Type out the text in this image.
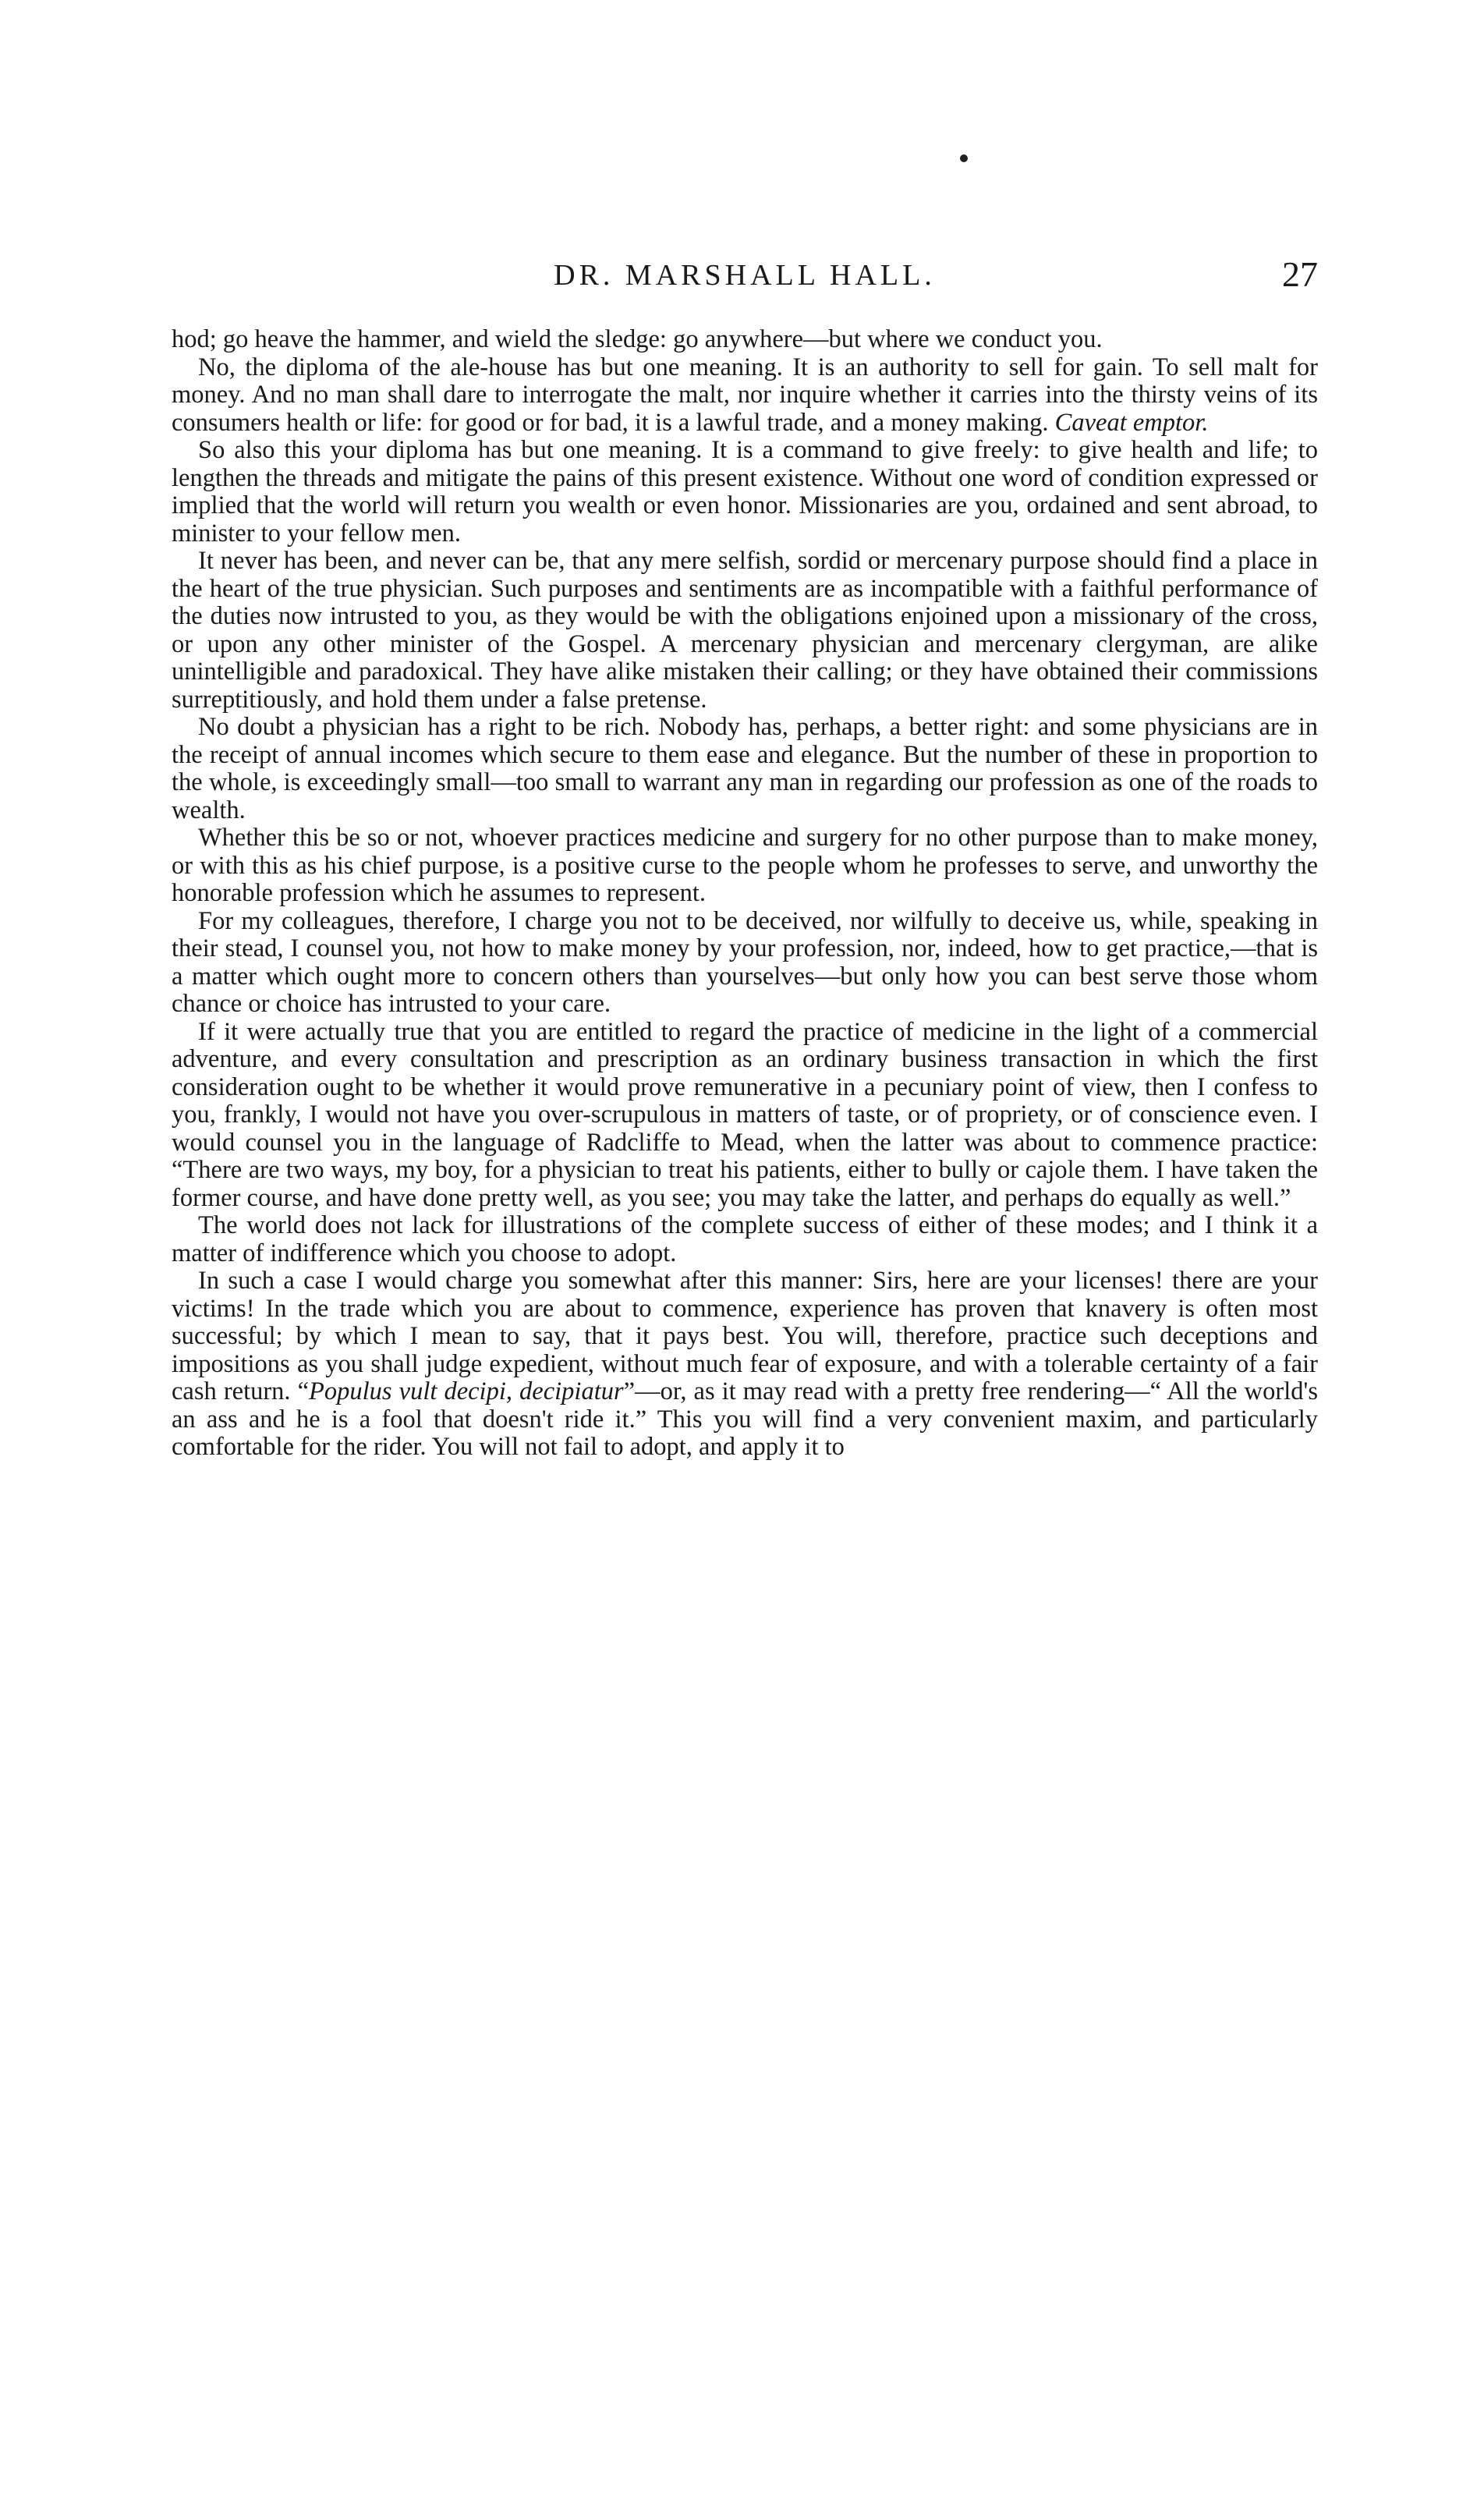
DR. MARSHALL HALL.	27

hod; go heave the hammer, and wield the sledge: go anywhere—but where we conduct you.

No, the diploma of the ale-house has but one meaning. It is an authority to sell for gain. To sell malt for money. And no man shall dare to interrogate the malt, nor inquire whether it carries into the thirsty veins of its consumers health or life: for good or for bad, it is a lawful trade, and a money making. Caveat emptor.

So also this your diploma has but one meaning. It is a command to give freely: to give health and life; to lengthen the threads and mitigate the pains of this present existence. Without one word of condition expressed or implied that the world will return you wealth or even honor. Missionaries are you, ordained and sent abroad, to minister to your fellow men.

It never has been, and never can be, that any mere selfish, sordid or mercenary purpose should find a place in the heart of the true physician. Such purposes and sentiments are as incompatible with a faithful performance of the duties now intrusted to you, as they would be with the obligations enjoined upon a missionary of the cross, or upon any other minister of the Gospel. A mercenary physician and mercenary clergyman, are alike unintelligible and paradoxical. They have alike mistaken their calling; or they have obtained their commissions surreptitiously, and hold them under a false pretense.

No doubt a physician has a right to be rich. Nobody has, perhaps, a better right: and some physicians are in the receipt of annual incomes which secure to them ease and elegance. But the number of these in proportion to the whole, is exceedingly small—too small to warrant any man in regarding our profession as one of the roads to wealth.

Whether this be so or not, whoever practices medicine and surgery for no other purpose than to make money, or with this as his chief purpose, is a positive curse to the people whom he professes to serve, and unworthy the honorable profession which he assumes to represent.

For my colleagues, therefore, I charge you not to be deceived, nor wilfully to deceive us, while, speaking in their stead, I counsel you, not how to make money by your profession, nor, indeed, how to get practice,—that is a matter which ought more to concern others than yourselves—but only how you can best serve those whom chance or choice has intrusted to your care.

If it were actually true that you are entitled to regard the practice of medicine in the light of a commercial adventure, and every consultation and prescription as an ordinary business transaction in which the first consideration ought to be whether it would prove remunerative in a pecuniary point of view, then I confess to you, frankly, I would not have you over-scrupulous in matters of taste, or of propriety, or of conscience even. I would counsel you in the language of Radcliffe to Mead, when the latter was about to commence practice: “There are two ways, my boy, for a physician to treat his patients, either to bully or cajole them. I have taken the former course, and have done pretty well, as you see; you may take the latter, and perhaps do equally as well.”

The world does not lack for illustrations of the complete success of either of these modes; and I think it a matter of indifference which you choose to adopt.

In such a case I would charge you somewhat after this manner: Sirs, here are your licenses! there are your victims! In the trade which you are about to commence, experience has proven that knavery is often most successful; by which I mean to say, that it pays best. You will, therefore, practice such deceptions and impositions as you shall judge expedient, without much fear of exposure, and with a tolerable certainty of a fair cash return. “Populus vult decipi, decipiatur”—or, as it may read with a pretty free rendering—“ All the world's an ass and he is a fool that doesn't ride it.” This you will find a very convenient maxim, and particularly comfortable for the rider. You will not fail to adopt, and apply it to
